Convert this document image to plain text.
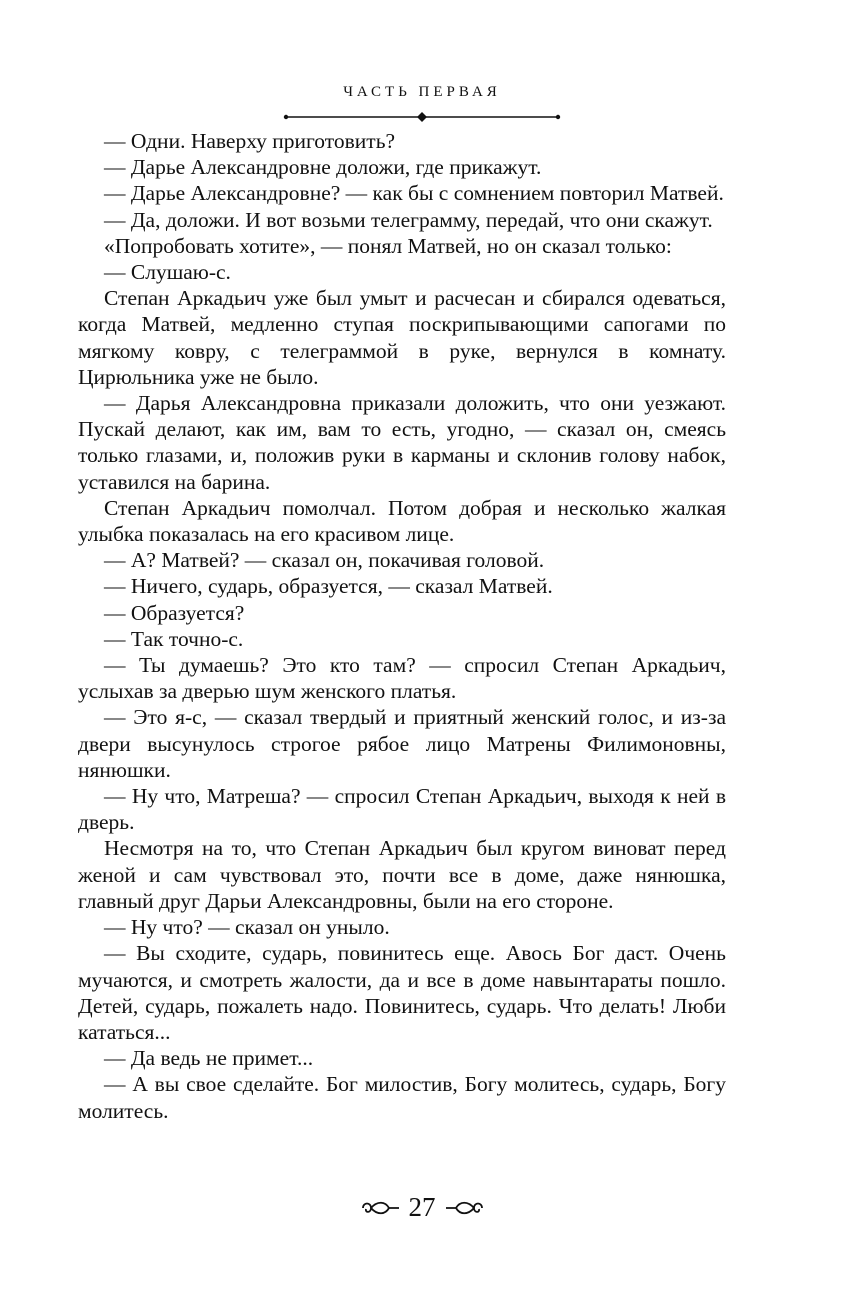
ЧАСТЬ ПЕРВАЯ

— Одни. Наверху приготовить?

— Дарье Александровне доложи, где прикажут.

— Дарье Александровне? — как бы с сомнением повторил Матвей.

— Да, доложи. И вот возьми телеграмму, передай, что они скажут.

«Попробовать хотите», — понял Матвей, но он сказал только:

— Слушаю-с.

Степан Аркадьич уже был умыт и расчесан и сбирался одеваться, когда Матвей, медленно ступая поскрипывающими сапогами по мягкому ковру, с телеграммой в руке, вернулся в комнату. Цирюльника уже не было.

— Дарья Александровна приказали доложить, что они уезжают. Пускай делают, как им, вам то есть, угодно, — сказал он, смеясь только глазами, и, положив руки в карманы и склонив голову набок, уставился на барина.

Степан Аркадьич помолчал. Потом добрая и несколько жалкая улыбка показалась на его красивом лице.

— А? Матвей? — сказал он, покачивая головой.

— Ничего, сударь, образуется, — сказал Матвей.

— Образуется?

— Так точно-с.

— Ты думаешь? Это кто там? — спросил Степан Аркадьич, услыхав за дверью шум женского платья.

— Это я-с, — сказал твердый и приятный женский голос, и из-за двери высунулось строгое рябое лицо Матрены Филимоновны, нянюшки.

— Ну что, Матреша? — спросил Степан Аркадьич, выходя к ней в дверь.

Несмотря на то, что Степан Аркадьич был кругом виноват перед женой и сам чувствовал это, почти все в доме, даже нянюшка, главный друг Дарьи Александровны, были на его стороне.

— Ну что? — сказал он уныло.

— Вы сходите, сударь, повинитесь еще. Авось Бог даст. Очень мучаются, и смотреть жалости, да и все в доме навынтараты пошло. Детей, сударь, пожалеть надо. Повинитесь, сударь. Что делать! Люби кататься...

— Да ведь не примет...

— А вы свое сделайте. Бог милостив, Богу молитесь, сударь, Богу молитесь.

27
